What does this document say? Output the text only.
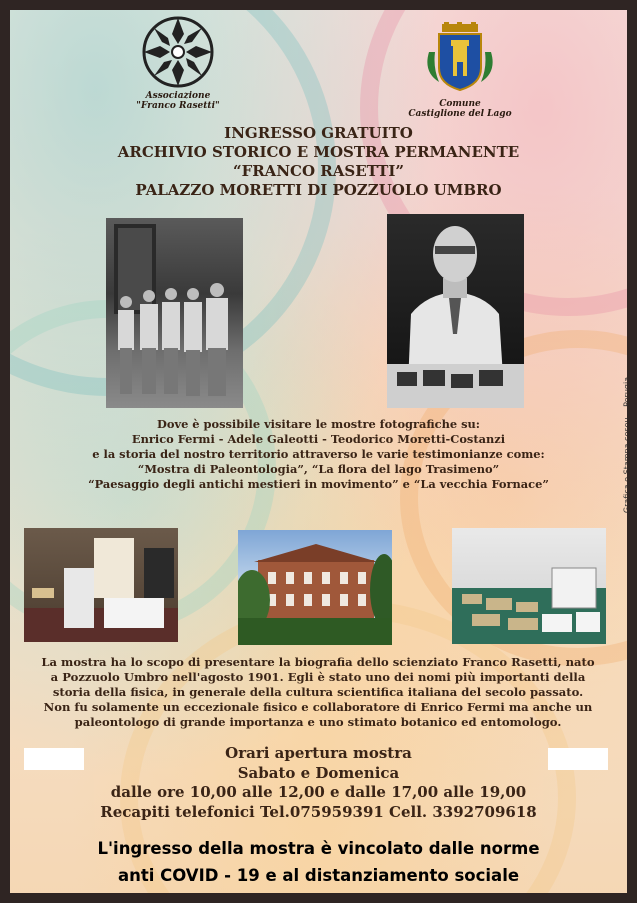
Associazione
"Franco Rasetti"	Comune
Castiglione del Lago
INGRESSO GRATUITO
ARCHIVIO STORICO E MOSTRA PERMANENTE
“FRANCO RASETTI”
PALAZZO MORETTI DI POZZUOLO UMBRO
Dove è possibile visitare le mostre fotografiche su:
Enrico Fermi - Adele Galeotti - Teodorico Moretti-Costanzi
e la storia del nostro territorio attraverso le varie testimonianze come:
“Mostra di Paleontologia”, “La flora del lago Trasimeno”
“Paesaggio degli antichi mestieri in movimento” e “La vecchia Fornace”
La mostra ha lo scopo di presentare la biografia dello scienziato Franco Rasetti, nato
a Pozzuolo Umbro nell'agosto 1901. Egli è stato uno dei nomi più importanti della
storia della fisica, in generale della cultura scientifica italiana del secolo passato.
Non fu solamente un eccezionale fisico e collaboratore di Enrico Fermi ma anche un
paleontologo di grande importanza e uno stimato botanico ed entomologo.
Orari apertura mostra
Sabato e Domenica
dalle ore 10,00 alle 12,00 e dalle 17,00 alle 19,00
Recapiti telefonici Tel.075959391 Cell. 3392709618
L'ingresso della mostra è vincolato dalle norme
anti COVID - 19 e al distanziamento sociale
Grafica e Stampa ceseu— Perugia
